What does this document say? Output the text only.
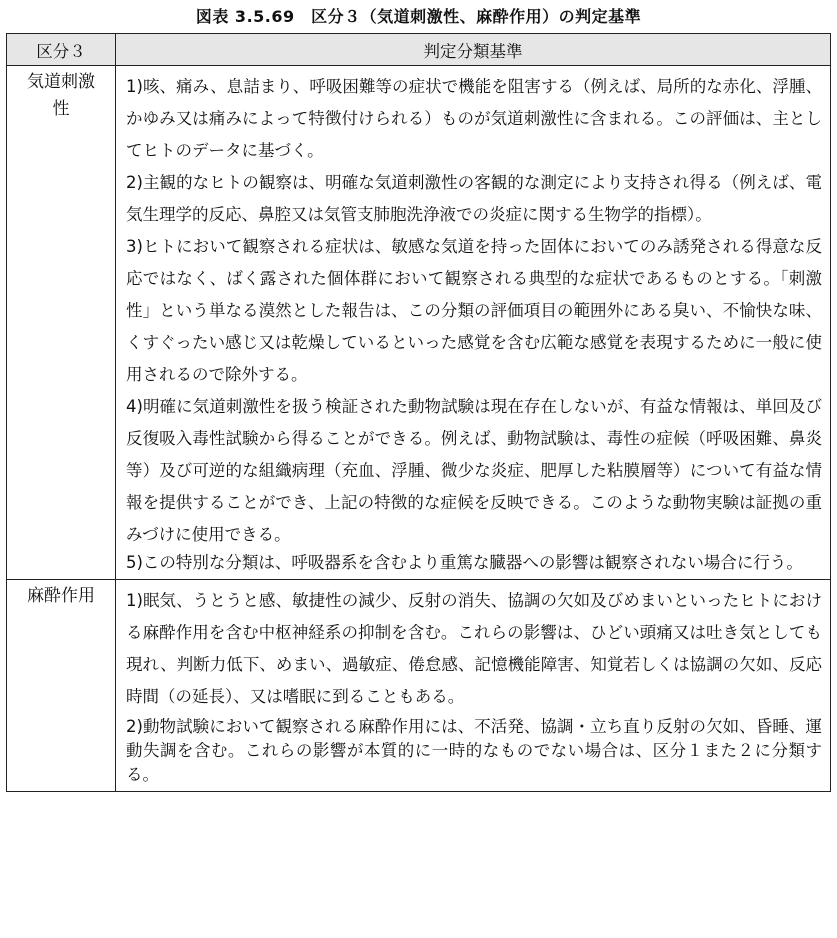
図表 3.5.69　区分３（気道刺激性、麻酔作用）の判定基準
区分３	判定分類基準

気道刺激性	1)咳、痛み、息詰まり、呼吸困難等の症状で機能を阻害する（例えば、局所的な赤化、浮腫、かゆみ又は痛みによって特徴付けられる）ものが気道刺激性に含まれる。この評価は、主としてヒトのデータに基づく。

2)主観的なヒトの観察は、明確な気道刺激性の客観的な測定により支持され得る（例えば、電気生理学的反応、鼻腔又は気管支肺胞洗浄液での炎症に関する生物学的指標）。

3)ヒトにおいて観察される症状は、敏感な気道を持った固体においてのみ誘発される得意な反応ではなく、ばく露された個体群において観察される典型的な症状であるものとする。「刺激性」という単なる漠然とした報告は、この分類の評価項目の範囲外にある臭い、不愉快な味、くすぐったい感じ又は乾燥しているといった感覚を含む広範な感覚を表現するために一般に使用されるので除外する。

4)明確に気道刺激性を扱う検証された動物試験は現在存在しないが、有益な情報は、単回及び反復吸入毒性試験から得ることができる。例えば、動物試験は、毒性の症候（呼吸困難、鼻炎等）及び可逆的な組織病理（充血、浮腫、微少な炎症、肥厚した粘膜層等）について有益な情報を提供することができ、上記の特徴的な症候を反映できる。このような動物実験は証拠の重みづけに使用できる。

5)この特別な分類は、呼吸器系を含むより重篤な臓器への影響は観察されない場合に行う。

麻酔作用	1)眠気、うとうと感、敏捷性の減少、反射の消失、協調の欠如及びめまいといったヒトにおける麻酔作用を含む中枢神経系の抑制を含む。これらの影響は、ひどい頭痛又は吐き気としても現れ、判断力低下、めまい、過敏症、倦怠感、記憶機能障害、知覚若しくは協調の欠如、反応時間（の延長）、又は嗜眠に到ることもある。

2)動物試験において観察される麻酔作用には、不活発、協調・立ち直り反射の欠如、昏睡、運動失調を含む。これらの影響が本質的に一時的なものでない場合は、区分１また２に分類する。
